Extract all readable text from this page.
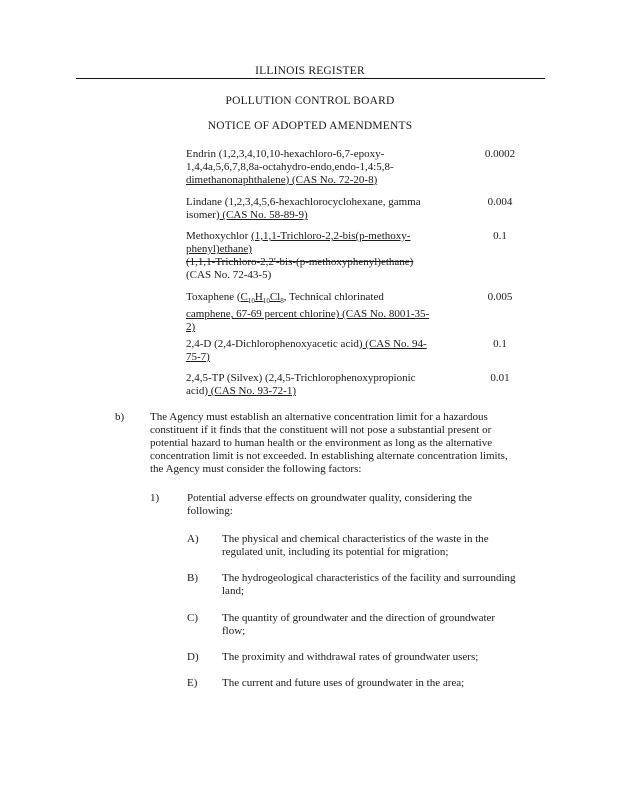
ILLINOIS REGISTER
POLLUTION CONTROL BOARD
NOTICE OF ADOPTED AMENDMENTS
Endrin (1,2,3,4,10,10-hexachloro-6,7-epoxy-
1,4,4a,5,6,7,8,8a-octahydro-endo,endo-1,4:5,8-
dimethanonaphthalene) (CAS No. 72-20-8)
0.0002
Lindane (1,2,3,4,5,6-hexachlorocyclohexane, gamma
isomer) (CAS No. 58-89-9)
0.004
Methoxychlor (1,1,1-Trichloro-2,2-bis(p-methoxy-
phenyl)ethane)
(1,1,1-Trichloro-2,2'-bis-(p-methoxyphenyl)ethane)
(CAS No. 72-43-5)
0.1
Toxaphene ($C_{10}H_{10}Cl_8$, Technical chlorinated
camphene, 67-69 percent chlorine) (CAS No. 8001-35-
2)
0.005
2,4-D (2,4-Dichlorophenoxyacetic acid) (CAS No. 94-
75-7)
0.1
2,4,5-TP (Silvex) (2,4,5-Trichlorophenoxypropionic
acid) (CAS No. 93-72-1)
0.01
b) The Agency must establish an alternative concentration limit for a hazardous
constituent if it finds that the constituent will not pose a substantial present or
potential hazard to human health or the environment as long as the alternative
concentration limit is not exceeded. In establishing alternate concentration limits,
the Agency must consider the following factors:
1)	Potential adverse effects on groundwater quality, considering the
following:
A) The physical and chemical characteristics of the waste in the
regulated unit, including its potential for migration;
B) The hydrogeological characteristics of the facility and surrounding
land;
C) The quantity of groundwater and the direction of groundwater
flow;
D) The proximity and withdrawal rates of groundwater users;
E) The current and future uses of groundwater in the area;
